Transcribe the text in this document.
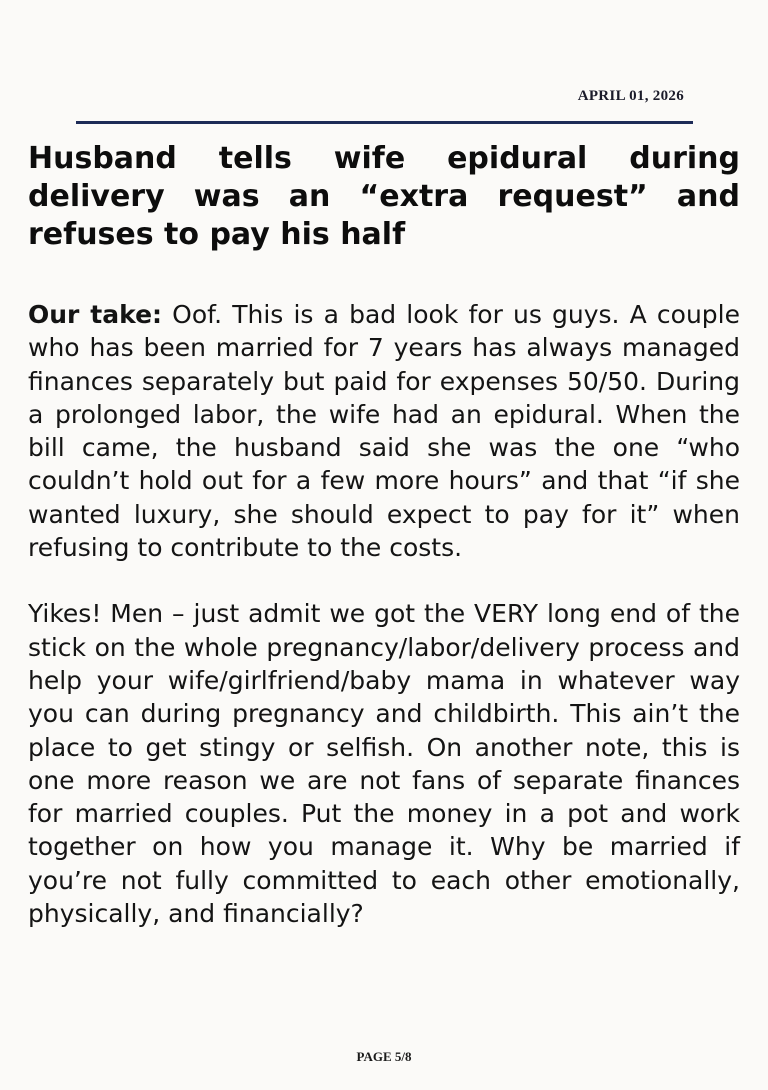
APRIL 01, 2026
Husband tells wife epidural during delivery was an “extra request” and refuses to pay his half

Our take: Oof. This is a bad look for us guys. A couple who has been married for 7 years has always managed finances separately but paid for expenses 50/50. During a prolonged labor, the wife had an epidural. When the bill came, the husband said she was the one “who couldn’t hold out for a few more hours” and that “if she wanted luxury, she should expect to pay for it” when refusing to contribute to the costs.

Yikes! Men – just admit we got the VERY long end of the stick on the whole pregnancy/labor/delivery process and help your wife/girlfriend/baby mama in whatever way you can during pregnancy and childbirth. This ain’t the place to get stingy or selfish. On another note, this is one more reason we are not fans of separate finances for married couples. Put the money in a pot and work together on how you manage it. Why be married if you’re not fully committed to each other emotionally, physically, and financially?

PAGE 5/8
